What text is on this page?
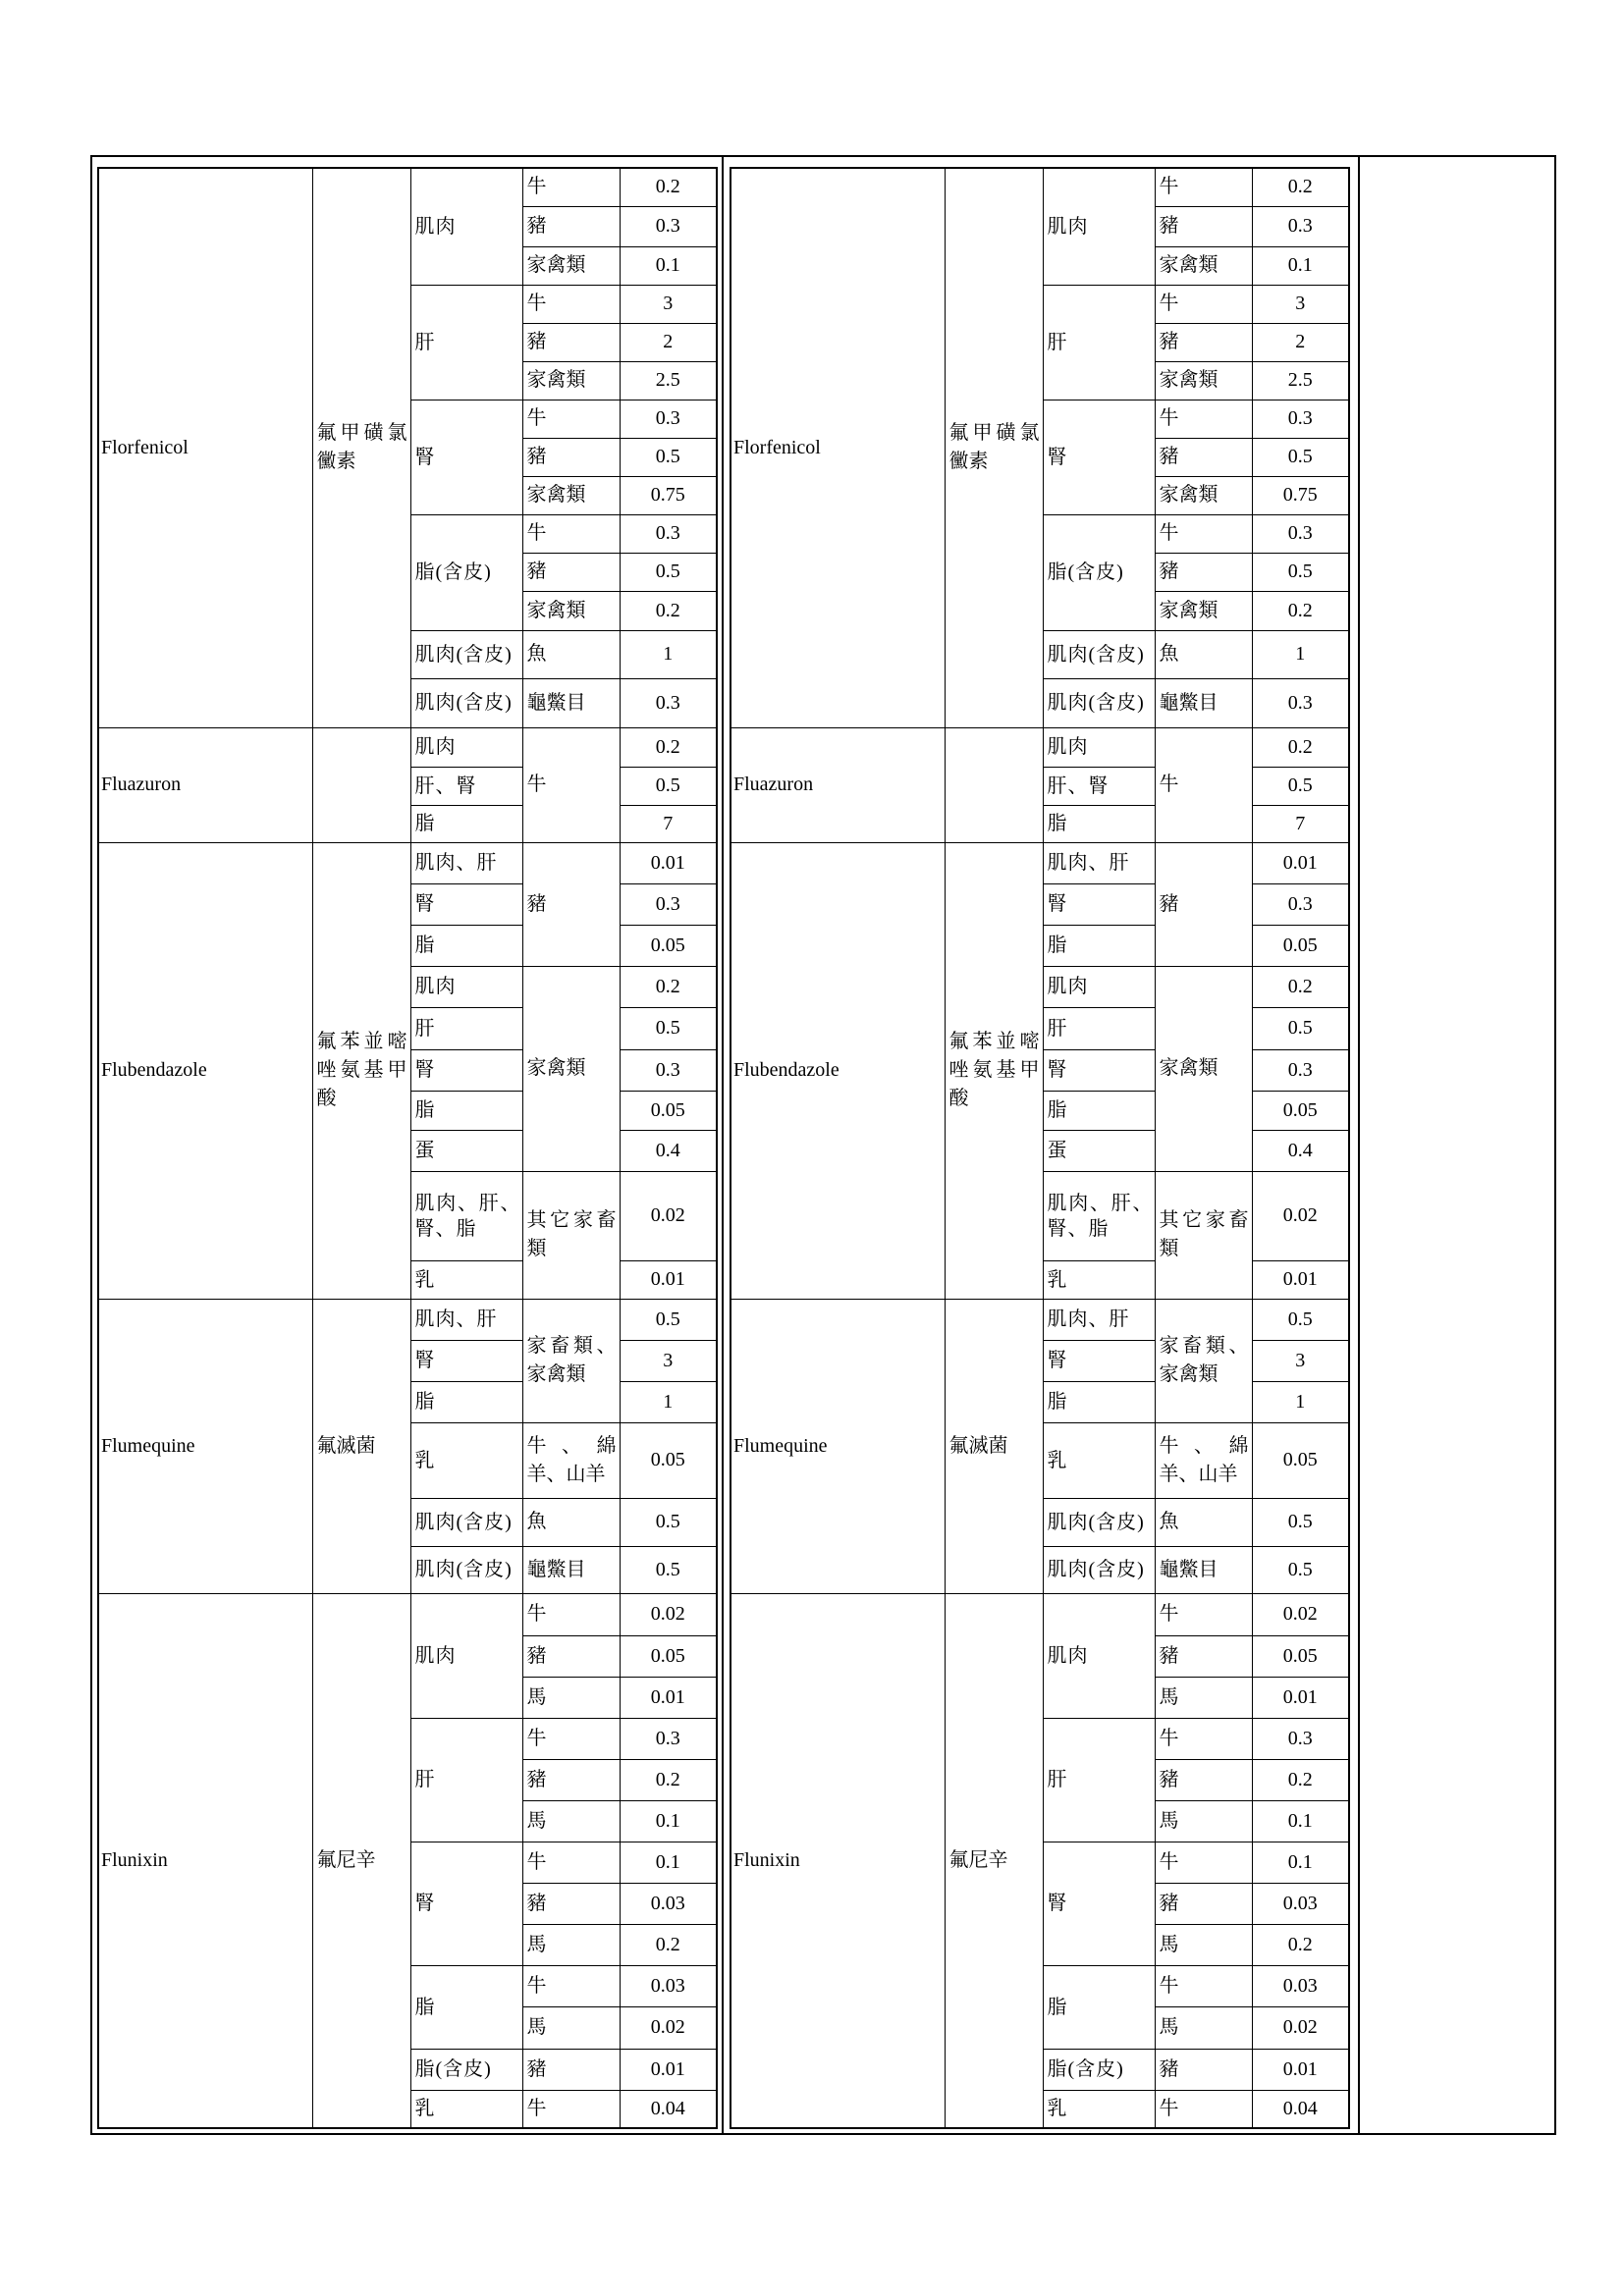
Florfenicol	氟甲磺氯黴素	肌肉	牛	0.2
			豬	0.3
			家禽類	0.1
		肝	牛	3
			豬	2
			家禽類	2.5
		腎	牛	0.3
			豬	0.5
			家禽類	0.75
		脂(含皮)	牛	0.3
			豬	0.5
			家禽類	0.2
		肌肉(含皮)	魚	1
		肌肉(含皮)	龜鱉目	0.3
Fluazuron		肌肉	牛	0.2
		肝、腎		0.5
		脂		7
Flubendazole	氟苯並嘧唑氨基甲酸	肌肉、肝	豬	0.01
		腎		0.3
		脂		0.05
		肌肉	家禽類	0.2
		肝		0.5
		腎		0.3
		脂		0.05
		蛋		0.4
		肌肉、肝、腎、脂	其它家畜類	0.02
		乳		0.01
Flumequine	氟滅菌	肌肉、肝	家畜類、家禽類	0.5
		腎		3
		脂		1
		乳	牛、綿羊、山羊	0.05
		肌肉(含皮)	魚	0.5
		肌肉(含皮)	龜鱉目	0.5
Flunixin	氟尼辛	肌肉	牛	0.02
			豬	0.05
			馬	0.01
		肝	牛	0.3
			豬	0.2
			馬	0.1
		腎	牛	0.1
			豬	0.03
			馬	0.2
		脂	牛	0.03
			馬	0.02
		脂(含皮)	豬	0.01
		乳	牛	0.04
Florfenicol	氟甲磺氯黴素	肌肉	牛	0.2
			豬	0.3
			家禽類	0.1
		肝	牛	3
			豬	2
			家禽類	2.5
		腎	牛	0.3
			豬	0.5
			家禽類	0.75
		脂(含皮)	牛	0.3
			豬	0.5
			家禽類	0.2
		肌肉(含皮)	魚	1
		肌肉(含皮)	龜鱉目	0.3
Fluazuron		肌肉	牛	0.2
		肝、腎		0.5
		脂		7
Flubendazole	氟苯並嘧唑氨基甲酸	肌肉、肝	豬	0.01
		腎		0.3
		脂		0.05
		肌肉	家禽類	0.2
		肝		0.5
		腎		0.3
		脂		0.05
		蛋		0.4
		肌肉、肝、腎、脂	其它家畜類	0.02
		乳		0.01
Flumequine	氟滅菌	肌肉、肝	家畜類、家禽類	0.5
		腎		3
		脂		1
		乳	牛、綿羊、山羊	0.05
		肌肉(含皮)	魚	0.5
		肌肉(含皮)	龜鱉目	0.5
Flunixin	氟尼辛	肌肉	牛	0.02
			豬	0.05
			馬	0.01
		肝	牛	0.3
			豬	0.2
			馬	0.1
		腎	牛	0.1
			豬	0.03
			馬	0.2
		脂	牛	0.03
			馬	0.02
		脂(含皮)	豬	0.01
		乳	牛	0.04
